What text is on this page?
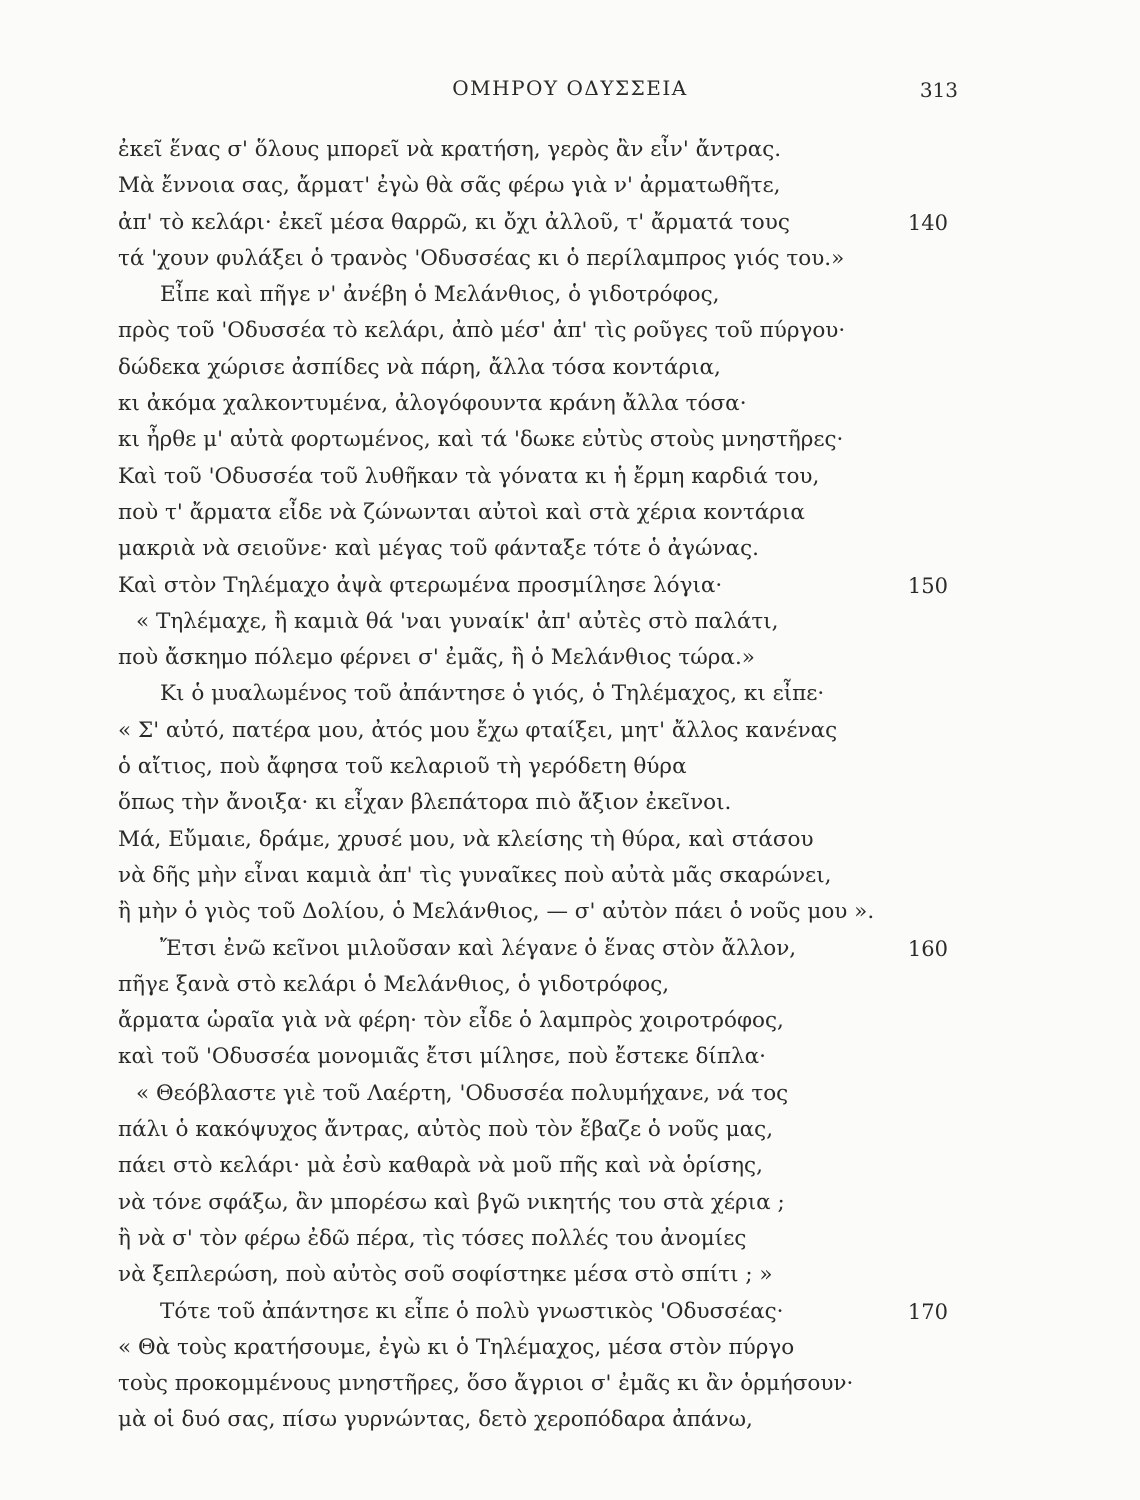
ΟΜΗΡΟΥ ΟΔΥΣΣΕΙΑ	313
ἐκεῖ ἕνας σ' ὅλους μπορεῖ νὰ κρατήση, γερὸς ἂν εἶν' ἄντρας.
Μὰ ἔννοια σας, ἄρματ' ἐγὼ θὰ σᾶς φέρω γιὰ ν' ἀρματωθῆτε,
ἀπ' τὸ κελάρι· ἐκεῖ μέσα θαρρῶ, κι ὄχι ἀλλοῦ, τ' ἄρματά τους	140
τά 'χουν φυλάξει ὁ τρανὸς 'Οδυσσέας κι ὁ περίλαμπρος γιός του.»
Εἶπε καὶ πῆγε ν' ἀνέβη ὁ Μελάνθιος, ὁ γιδοτρόφος,
πρὸς τοῦ 'Οδυσσέα τὸ κελάρι, ἀπὸ μέσ' ἀπ' τὶς ροῦγες τοῦ πύργου·
δώδεκα χώρισε ἀσπίδες νὰ πάρη, ἄλλα τόσα κοντάρια,
κι ἀκόμα χαλκοντυμένα, ἀλογόφουντα κράνη ἄλλα τόσα·
κι ἦρθε μ' αὐτὰ φορτωμένος, καὶ τά 'δωκε εὐτὺς στοὺς μνηστῆρες·
Καὶ τοῦ 'Οδυσσέα τοῦ λυθῆκαν τὰ γόνατα κι ἡ ἔρμη καρδιά του,
ποὺ τ' ἄρματα εἶδε νὰ ζώνωνται αὐτοὶ καὶ στὰ χέρια κοντάρια
μακριὰ νὰ σειοῦνε· καὶ μέγας τοῦ φάνταξε τότε ὁ ἀγώνας.
Καὶ στὸν Τηλέμαχο ἀψὰ φτερωμένα προσμίλησε λόγια·	150
« Τηλέμαχε, ἢ καμιὰ θά 'ναι γυναίκ' ἀπ' αὐτὲς στὸ παλάτι,
ποὺ ἄσκημο πόλεμο φέρνει σ' ἐμᾶς, ἢ ὁ Μελάνθιος τώρα.»
Κι ὁ μυαλωμένος τοῦ ἀπάντησε ὁ γιός, ὁ Τηλέμαχος, κι εἶπε·
« Σ' αὐτό, πατέρα μου, ἀτός μου ἔχω φταίξει, μητ' ἄλλος κανένας
ὁ αἴτιος, ποὺ ἄφησα τοῦ κελαριοῦ τὴ γερόδετη θύρα
ὅπως τὴν ἄνοιξα· κι εἶχαν βλεπάτορα πιὸ ἄξιον ἐκεῖνοι.
Μά, Εὔμαιε, δράμε, χρυσέ μου, νὰ κλείσης τὴ θύρα, καὶ στάσου
νὰ δῆς μὴν εἶναι καμιὰ ἀπ' τὶς γυναῖκες ποὺ αὐτὰ μᾶς σκαρώνει,
ἢ μὴν ὁ γιὸς τοῦ Δολίου, ὁ Μελάνθιος, — σ' αὐτὸν πάει ὁ νοῦς μου ».
Ἔτσι ἐνῶ κεῖνοι μιλοῦσαν καὶ λέγανε ὁ ἕνας στὸν ἄλλον,	160
πῆγε ξανὰ στὸ κελάρι ὁ Μελάνθιος, ὁ γιδοτρόφος,
ἄρματα ὡραῖα γιὰ νὰ φέρη· τὸν εἶδε ὁ λαμπρὸς χοιροτρόφος,
καὶ τοῦ 'Οδυσσέα μονομιᾶς ἔτσι μίλησε, ποὺ ἔστεκε δίπλα·
« Θεόβλαστε γιὲ τοῦ Λαέρτη, 'Οδυσσέα πολυμήχανε, νά τος
πάλι ὁ κακόψυχος ἄντρας, αὐτὸς ποὺ τὸν ἔβαζε ὁ νοῦς μας,
πάει στὸ κελάρι· μὰ ἐσὺ καθαρὰ νὰ μοῦ πῆς καὶ νὰ ὁρίσης,
νὰ τόνε σφάξω, ἂν μπορέσω καὶ βγῶ νικητής του στὰ χέρια ;
ἢ νὰ σ' τὸν φέρω ἐδῶ πέρα, τὶς τόσες πολλές του ἀνομίες
νὰ ξεπλερώση, ποὺ αὐτὸς σοῦ σοφίστηκε μέσα στὸ σπίτι ; »
Τότε τοῦ ἀπάντησε κι εἶπε ὁ πολὺ γνωστικὸς 'Οδυσσέας·	170
« Θὰ τοὺς κρατήσουμε, ἐγὼ κι ὁ Τηλέμαχος, μέσα στὸν πύργο
τοὺς προκομμένους μνηστῆρες, ὅσο ἄγριοι σ' ἐμᾶς κι ἂν ὁρμήσουν·
μὰ οἱ δυό σας, πίσω γυρνώντας, δετὸ χεροπόδαρα ἀπάνω,
